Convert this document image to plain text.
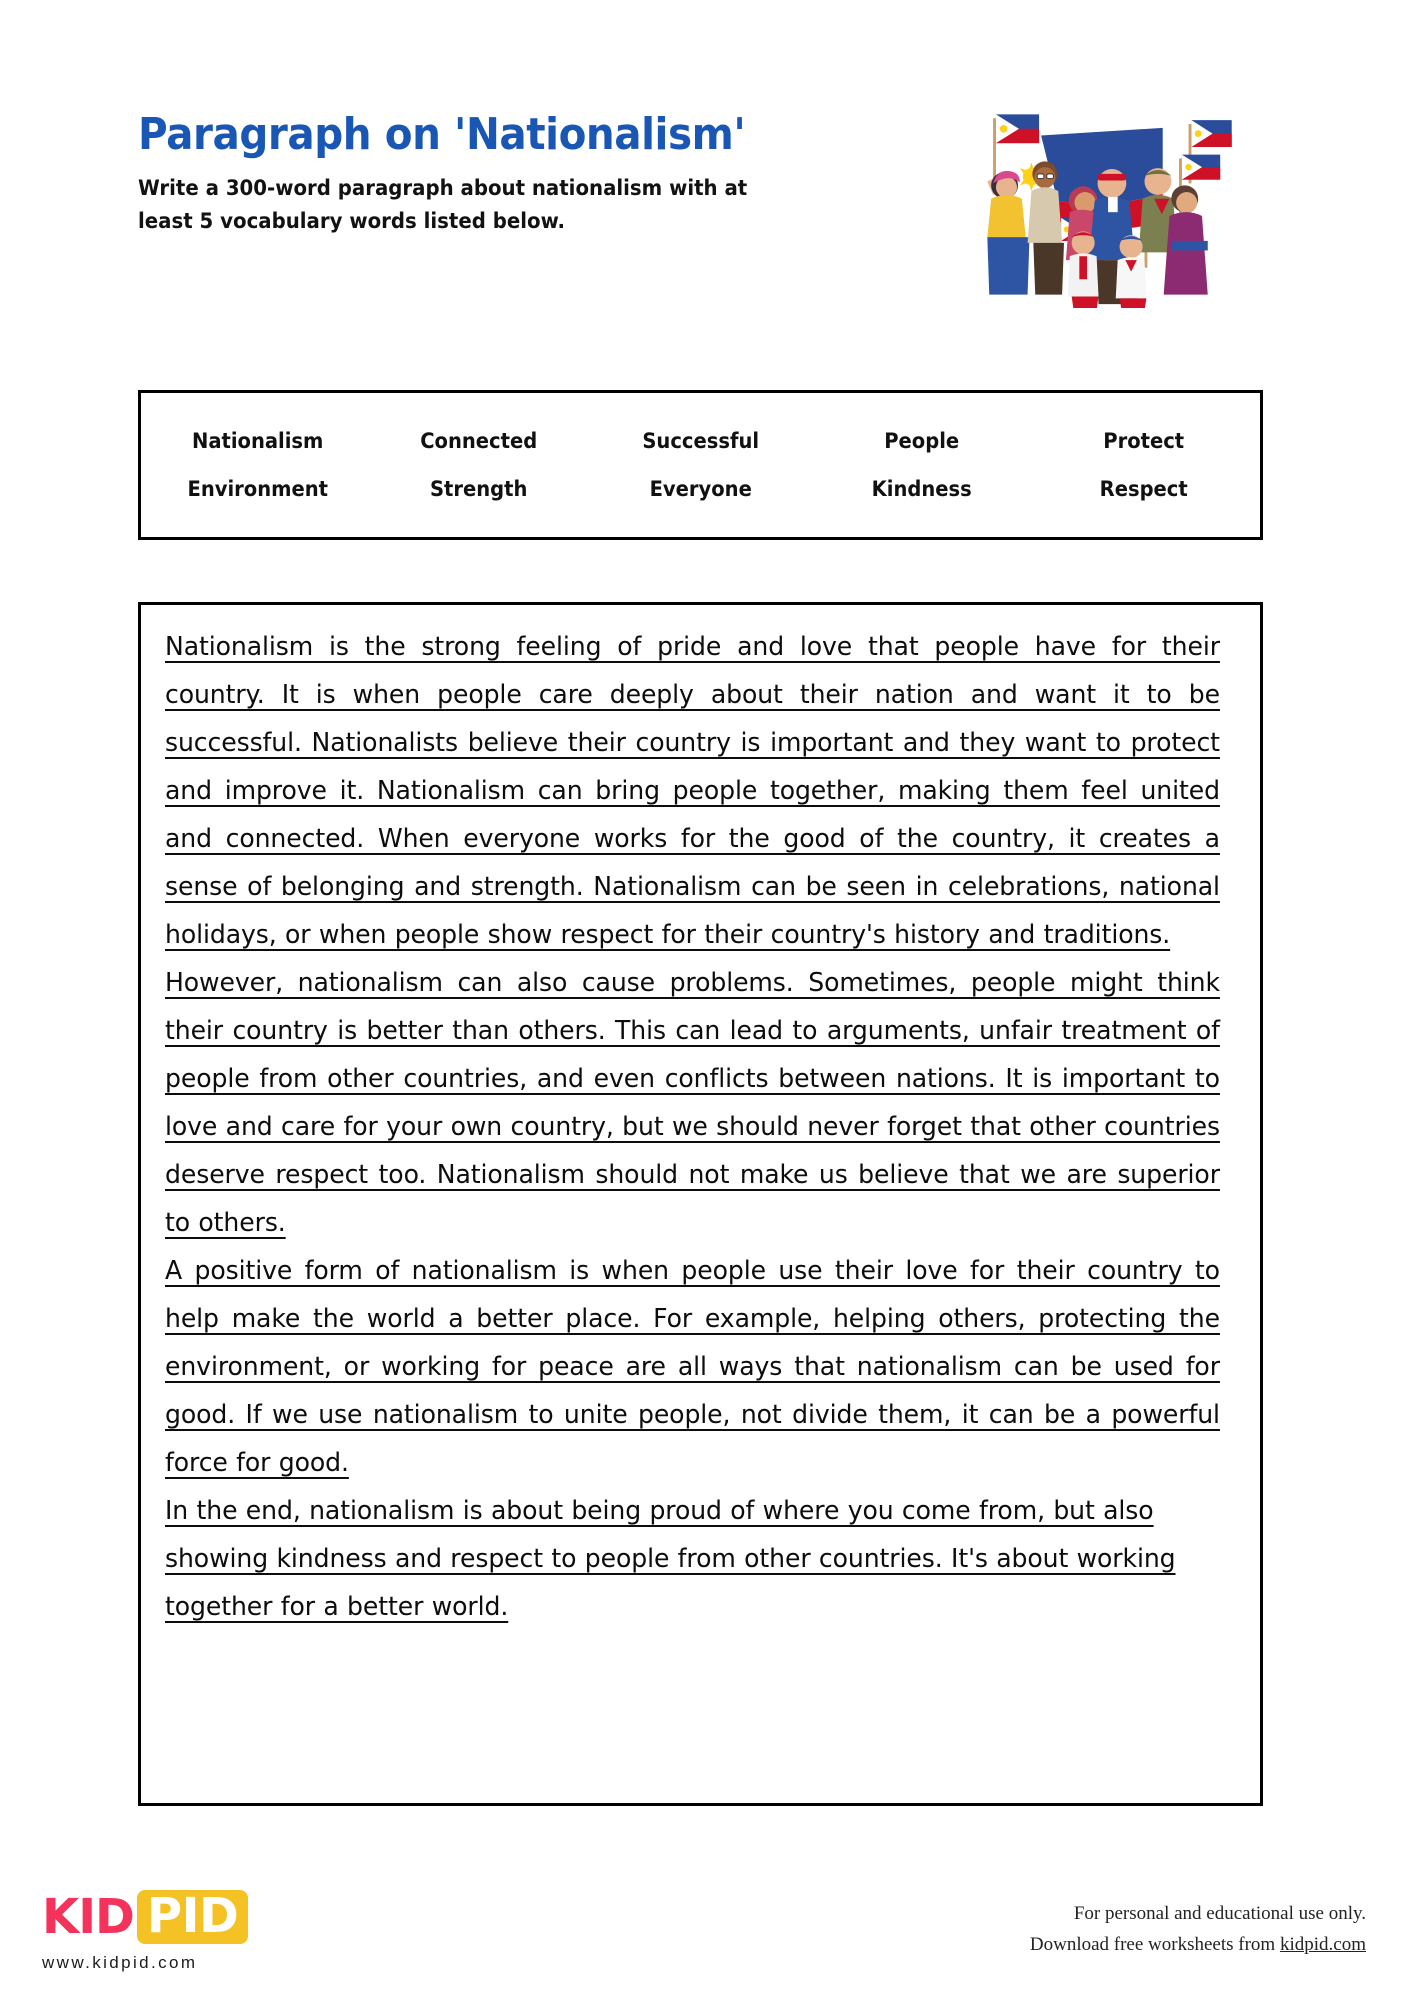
Paragraph on 'Nationalism'

Write a 300-word paragraph about nationalism with at least 5 vocabulary words listed below.

Nationalism	Connected	Successful	People	Protect
Environment	Strength	Everyone	Kindness	Respect

Nationalism is the strong feeling of pride and love that people have for their country. It is when people care deeply about their nation and want it to be successful. Nationalists believe their country is important and they want to protect and improve it. Nationalism can bring people together, making them feel united and connected. When everyone works for the good of the country, it creates a sense of belonging and strength. Nationalism can be seen in celebrations, national holidays, or when people show respect for their country's history and traditions.

However, nationalism can also cause problems. Sometimes, people might think their country is better than others. This can lead to arguments, unfair treatment of people from other countries, and even conflicts between nations. It is important to love and care for your own country, but we should never forget that other countries deserve respect too. Nationalism should not make us believe that we are superior to others.

A positive form of nationalism is when people use their love for their country to help make the world a better place. For example, helping others, protecting the environment, or working for peace are all ways that nationalism can be used for good. If we use nationalism to unite people, not divide them, it can be a powerful force for good.

In the end, nationalism is about being proud of where you come from, but also showing kindness and respect to people from other countries. It's about working together for a better world.

KID PID
www.kidpid.com
For personal and educational use only.
Download free worksheets from kidpid.com
